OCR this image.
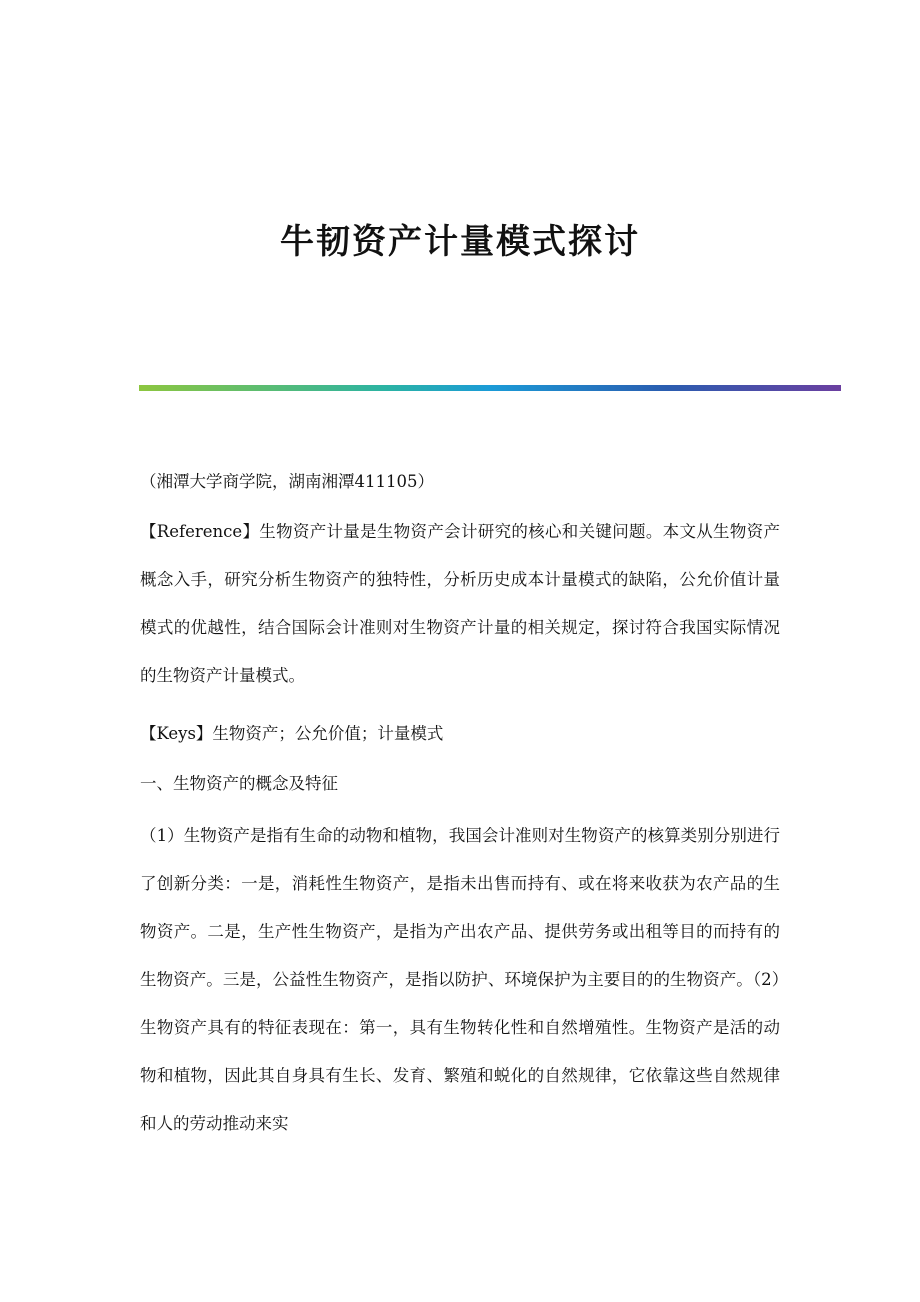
牛韧资产计量模式探讨

（湘潭大学商学院，湖南湘潭411105）

【Reference】生物资产计量是生物资产会计研究的核心和关键问题。本文从生物资产概念入手，研究分析生物资产的独特性，分析历史成本计量模式的缺陷，公允价值计量模式的优越性，结合国际会计准则对生物资产计量的相关规定，探讨符合我国实际情况的生物资产计量模式。

【Keys】生物资产；公允价值；计量模式

一、生物资产的概念及特征

（1）生物资产是指有生命的动物和植物，我国会计准则对生物资产的核算类别分别进行了创新分类：一是，消耗性生物资产，是指未出售而持有、或在将来收获为农产品的生物资产。二是，生产性生物资产，是指为产出农产品、提供劳务或出租等目的而持有的生物资产。三是，公益性生物资产，是指以防护、环境保护为主要目的的生物资产。（2）生物资产具有的特征表现在：第一，具有生物转化性和自然增殖性。生物资产是活的动物和植物，因此其自身具有生长、发育、繁殖和蜕化的自然规律，它依靠这些自然规律和人的劳动推动来实
